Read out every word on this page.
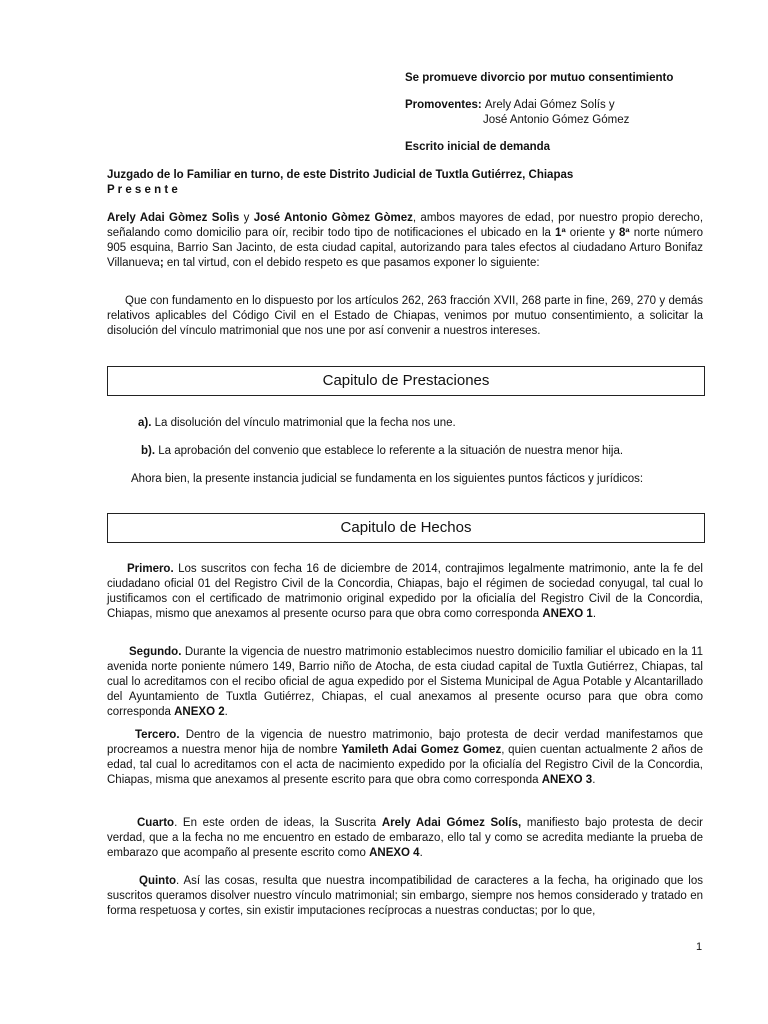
Se promueve divorcio por mutuo consentimiento
Promoventes: Arely Adai Gómez Solís y
José Antonio Gómez Gómez
Escrito inicial de demanda
Juzgado de lo Familiar en turno, de este Distrito Judicial de Tuxtla Gutiérrez, Chiapas
P r e s e n t e
Arely Adai Gòmez Solìs y José Antonio Gòmez Gòmez, ambos mayores de edad, por nuestro propio derecho, señalando como domicilio para oír, recibir todo tipo de notificaciones el ubicado en la 1ª oriente y 8ª norte número 905 esquina, Barrio San Jacinto, de esta ciudad capital, autorizando para tales efectos al ciudadano Arturo Bonifaz Villanueva; en tal virtud, con el debido respeto es que pasamos exponer lo siguiente:
Que con fundamento en lo dispuesto por los artículos 262, 263 fracción XVII, 268 parte in fine, 269, 270 y demás relativos aplicables del Código Civil en el Estado de Chiapas, venimos por mutuo consentimiento, a solicitar la disolución del vínculo matrimonial que nos une por así convenir a nuestros intereses.
Capitulo de Prestaciones
a). La disolución del vínculo matrimonial que la fecha nos une.
b). La aprobación del convenio que establece lo referente a la situación de nuestra menor hija.
Ahora bien, la presente instancia judicial se fundamenta en los siguientes puntos fácticos y jurídicos:
Capitulo de Hechos
Primero. Los suscritos con fecha 16 de diciembre de 2014, contrajimos legalmente matrimonio, ante la fe del ciudadano oficial 01 del Registro Civil de la Concordia, Chiapas, bajo el régimen de sociedad conyugal, tal cual lo justificamos con el certificado de matrimonio original expedido por la oficialía del Registro Civil de la Concordia, Chiapas, mismo que anexamos al presente ocurso para que obra como corresponda ANEXO 1.
Segundo. Durante la vigencia de nuestro matrimonio establecimos nuestro domicilio familiar el ubicado en la 11 avenida norte poniente número 149, Barrio niño de Atocha, de esta ciudad capital de Tuxtla Gutiérrez, Chiapas, tal cual lo acreditamos con el recibo oficial de agua expedido por el Sistema Municipal de Agua Potable y Alcantarillado del Ayuntamiento de Tuxtla Gutiérrez, Chiapas, el cual anexamos al presente ocurso para que obra como corresponda ANEXO 2.
Tercero. Dentro de la vigencia de nuestro matrimonio, bajo protesta de decir verdad manifestamos que procreamos a nuestra menor hija de nombre Yamileth Adai Gomez Gomez, quien cuentan actualmente 2 años de edad, tal cual lo acreditamos con el acta de nacimiento expedido por la oficialía del Registro Civil de la Concordia, Chiapas, misma que anexamos al presente escrito para que obra como corresponda ANEXO 3.
Cuarto. En este orden de ideas, la Suscrita Arely Adai Gómez Solís, manifiesto bajo protesta de decir verdad, que a la fecha no me encuentro en estado de embarazo, ello tal y como se acredita mediante la prueba de embarazo que acompaño al presente escrito como ANEXO 4.
Quinto. Así las cosas, resulta que nuestra incompatibilidad de caracteres a la fecha, ha originado que los suscritos queramos disolver nuestro vínculo matrimonial; sin embargo, siempre nos hemos considerado y tratado en forma respetuosa y cortes, sin existir imputaciones recíprocas a nuestras conductas; por lo que,
1
